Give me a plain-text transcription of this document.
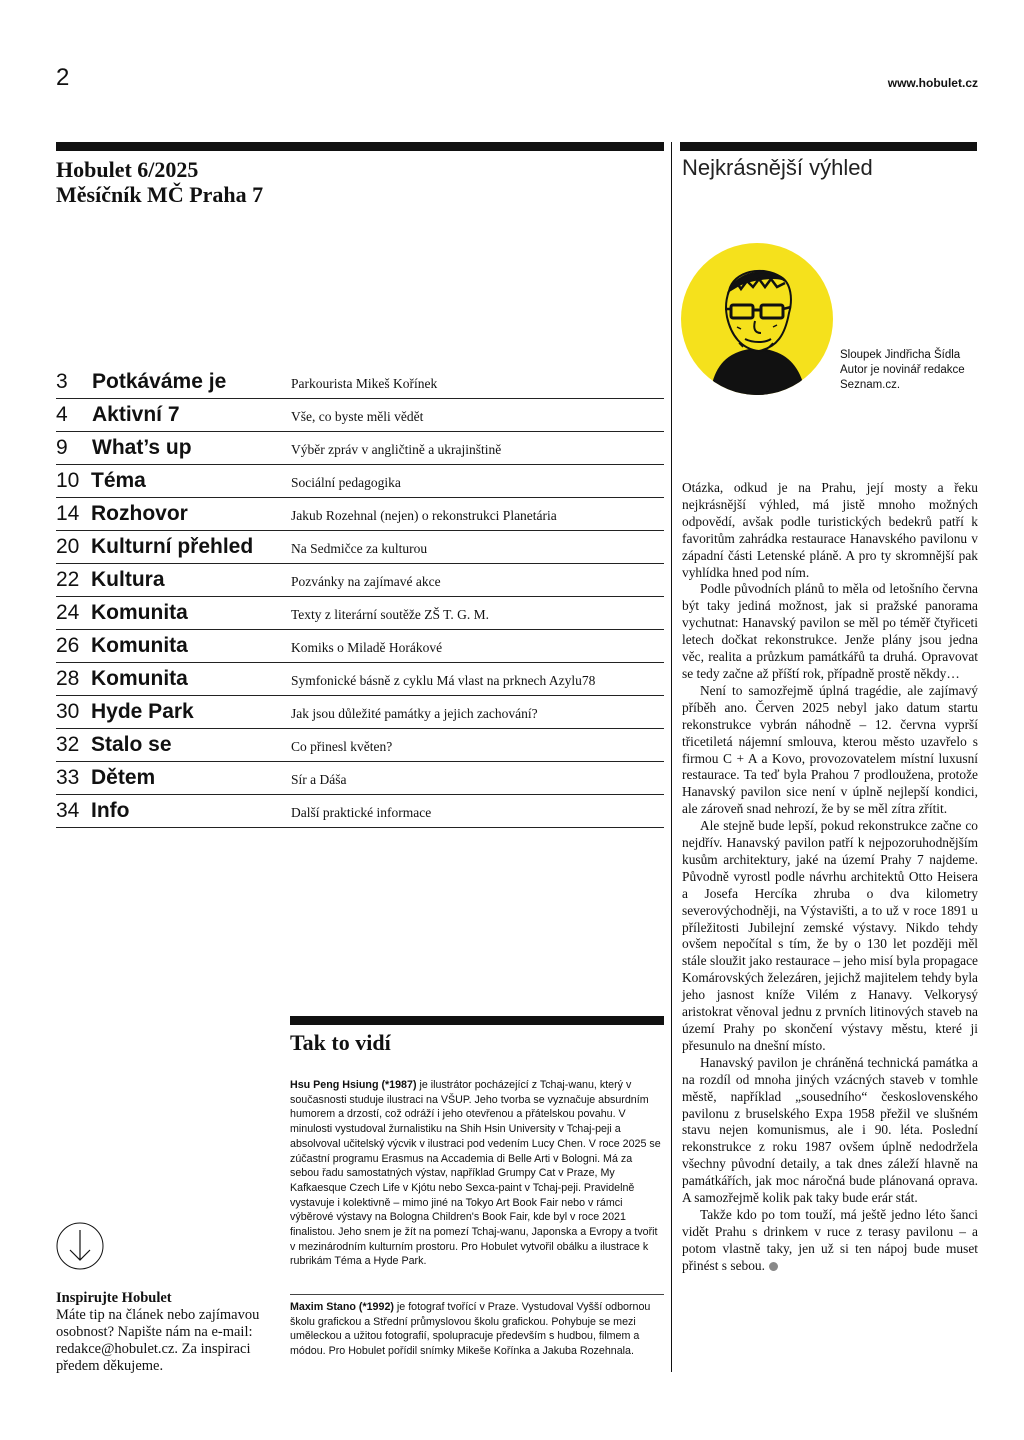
2	www.hobulet.cz
Hobulet 6/2025
Měsíčník MČ Praha 7
3 Potkáváme je	Parkourista Mikeš Kořínek
4 Aktivní 7	Vše, co byste měli vědět
9 What’s up	Výběr zpráv v angličtině a ukrajinštině
10 Téma	Sociální pedagogika
14 Rozhovor	Jakub Rozehnal (nejen) o rekonstrukci Planetária
20 Kulturní přehled	Na Sedmičce za kulturou
22 Kultura	Pozvánky na zajímavé akce
24 Komunita	Texty z literární soutěže ZŠ T. G. M.
26 Komunita	Komiks o Miladě Horákové
28 Komunita	Symfonické básně z cyklu Má vlast na prknech Azylu78
30 Hyde Park	Jak jsou důležité památky a jejich zachování?
32 Stalo se	Co přinesl květen?
33 Dětem	Sír a Dáša
34 Info	Další praktické informace
Nejkrásnější výhled
Sloupek Jindřicha Šídla
Autor je novinář redakce
Seznam.cz.

Otázka, odkud je na Prahu, její mosty a řeku nejkrásnější výhled, má jistě mnoho možných odpovědí, avšak podle turistických bedekrů patří k favoritům zahrádka restaurace Hanavského pavilonu v západní části Letenské pláně. A pro ty skromnější pak vyhlídka hned pod ním.

Podle původních plánů to měla od letošního června být taky jediná možnost, jak si pražské panorama vychutnat: Hanavský pavilon se měl po téměř čtyřiceti letech dočkat rekonstrukce. Jenže plány jsou jedna věc, realita a průzkum památkářů ta druhá. Opravovat se tedy začne až příští rok, případně prostě někdy…

Není to samozřejmě úplná tragédie, ale zajímavý příběh ano. Červen 2025 nebyl jako datum startu rekonstrukce vybrán náhodně – 12. června vyprší třicetiletá nájemní smlouva, kterou město uzavřelo s firmou C + A a Kovo, provozovatelem místní luxusní restaurace. Ta teď byla Prahou 7 prodloužena, protože Hanavský pavilon sice není v úplně nejlepší kondici, ale zároveň snad nehrozí, že by se měl zítra zřítit.

Ale stejně bude lepší, pokud rekonstrukce začne co nejdřív. Hanavský pavilon patří k nejpozoruhodnějším kusům architektury, jaké na území Prahy 7 najdeme. Původně vyrostl podle návrhu architektů Otto Heisera a Josefa Hercíka zhruba o dva kilometry severovýchodněji, na Výstavišti, a to už v roce 1891 u příležitosti Jubilejní zemské výstavy. Nikdo tehdy ovšem nepočítal s tím, že by o 130 let později měl stále sloužit jako restaurace – jeho misí byla propagace Komárovských železáren, jejichž majitelem tehdy byla jeho jasnost kníže Vilém z Hanavy. Velkorysý aristokrat věnoval jednu z prvních litinových staveb na území Prahy po skončení výstavy městu, které ji přesunulo na dnešní místo.

Hanavský pavilon je chráněná technická památka a na rozdíl od mnoha jiných vzácných staveb v tomhle městě, například „sousedního“ československého pavilonu z bruselského Expa 1958 přežil ve slušném stavu nejen komunismus, ale i 90. léta. Poslední rekonstrukce z roku 1987 ovšem úplně nedodržela všechny původní detaily, a tak dnes záleží hlavně na památkářích, jak moc náročná bude plánovaná oprava. A samozřejmě kolik pak taky bude erár stát.

Takže kdo po tom touží, má ještě jedno léto šanci vidět Prahu s drinkem v ruce z terasy pavilonu – a potom vlastně taky, jen už si ten nápoj bude muset přinést s sebou.

Tak to vidí

Hsu Peng Hsiung (*1987) je ilustrátor pocházející z Tchaj-wanu, který v současnosti studuje ilustraci na VŠUP. Jeho tvorba se vyznačuje absurdním humorem a drzostí, což odráží i jeho otevřenou a přátelskou povahu. V minulosti vystudoval žurnalistiku na Shih Hsin University v Tchaj-peji a absolvoval učitelský výcvik v ilustraci pod vedením Lucy Chen. V roce 2025 se zúčastní programu Erasmus na Accademia di Belle Arti v Bologni. Má za sebou řadu samostatných výstav, například Grumpy Cat v Praze, My Kafkaesque Czech Life v Kjótu nebo Sexca-paint v Tchaj-peji. Pravidelně vystavuje i kolektivně – mimo jiné na Tokyo Art Book Fair nebo v rámci výběrové výstavy na Bologna Children's Book Fair, kde byl v roce 2021 finalistou. Jeho snem je žít na pomezí Tchaj-wanu, Japonska a Evropy a tvořit v mezinárodním kulturním prostoru. Pro Hobulet vytvořil obálku a ilustrace k rubrikám Téma a Hyde Park.

Maxim Stano (*1992) je fotograf tvořící v Praze. Vystudoval Vyšší odbornou školu grafickou a Střední průmyslovou školu grafickou. Pohybuje se mezi uměleckou a užitou fotografií, spolupracuje především s hudbou, filmem a módou. Pro Hobulet pořídil snímky Mikeše Kořínka a Jakuba Rozehnala.

Inspirujte Hobulet
Máte tip na článek nebo zajímavou osobnost? Napište nám na e-mail: redakce@hobulet.cz. Za inspiraci předem děkujeme.
